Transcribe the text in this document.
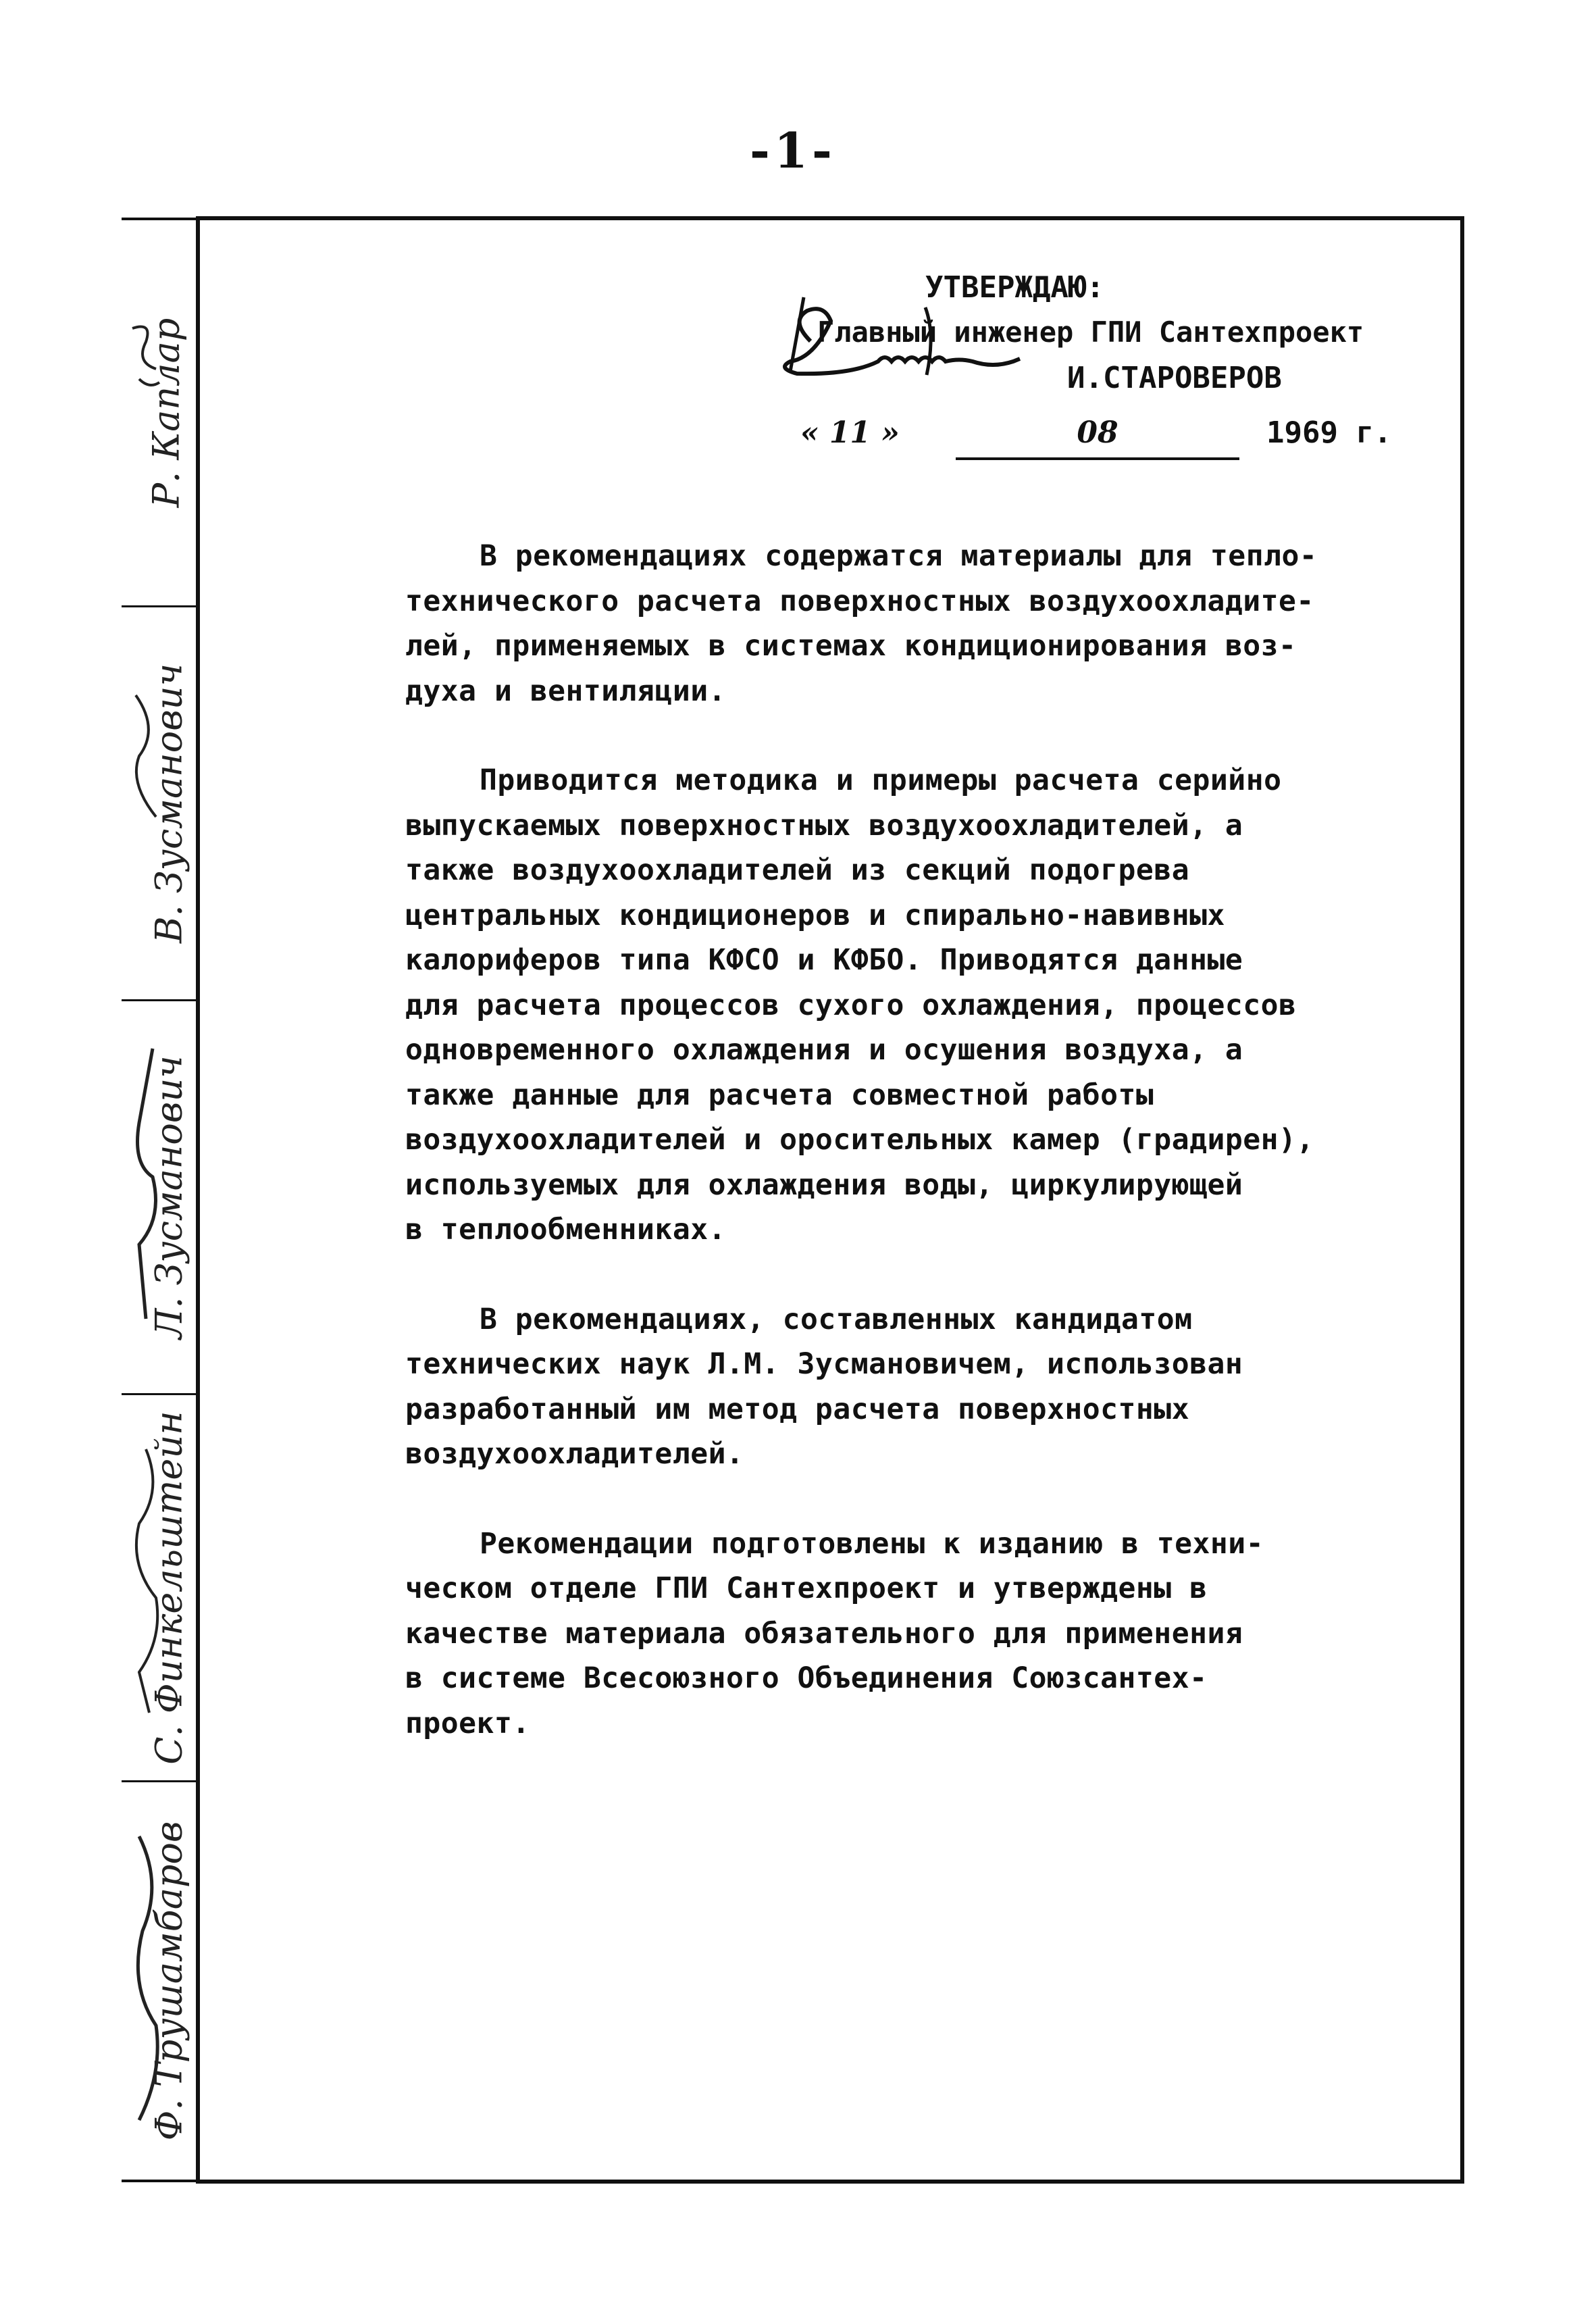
-1-
Р. Каплар
В. Зусманович
Л. Зусманович
С. Финкельштейн
Ф. Трушамбаров
УТВЕРЖДАЮ:
Главный инженер ГПИ Сантехпроект
И.СТАРОВЕРОВ
« 11 »	08	1969 г.

В рекомендациях содержатся материалы для тепло-
технического расчета поверхностных воздухоохладите-
лей, применяемых в системах кондиционирования воз-
духа и вентиляции.

Приводится методика и примеры расчета серийно
выпускаемых поверхностных воздухоохладителей, а
также воздухоохладителей из секций подогрева
центральных кондиционеров и спирально-навивных
калориферов типа КФСО и КФБО. Приводятся данные
для расчета процессов сухого охлаждения, процессов
одновременного охлаждения и осушения воздуха, а
также данные для расчета совместной работы
воздухоохладителей и оросительных камер (градирен),
используемых для охлаждения воды, циркулирующей
в теплообменниках.

В рекомендациях, составленных кандидатом
технических наук Л.М. Зусмановичем, использован
разработанный им метод расчета поверхностных
воздухоохладителей.

Рекомендации подготовлены к изданию в техни-
ческом отделе ГПИ Сантехпроект и утверждены в
качестве материала обязательного для применения
в системе Всесоюзного Объединения Союзсантех-
проект.
